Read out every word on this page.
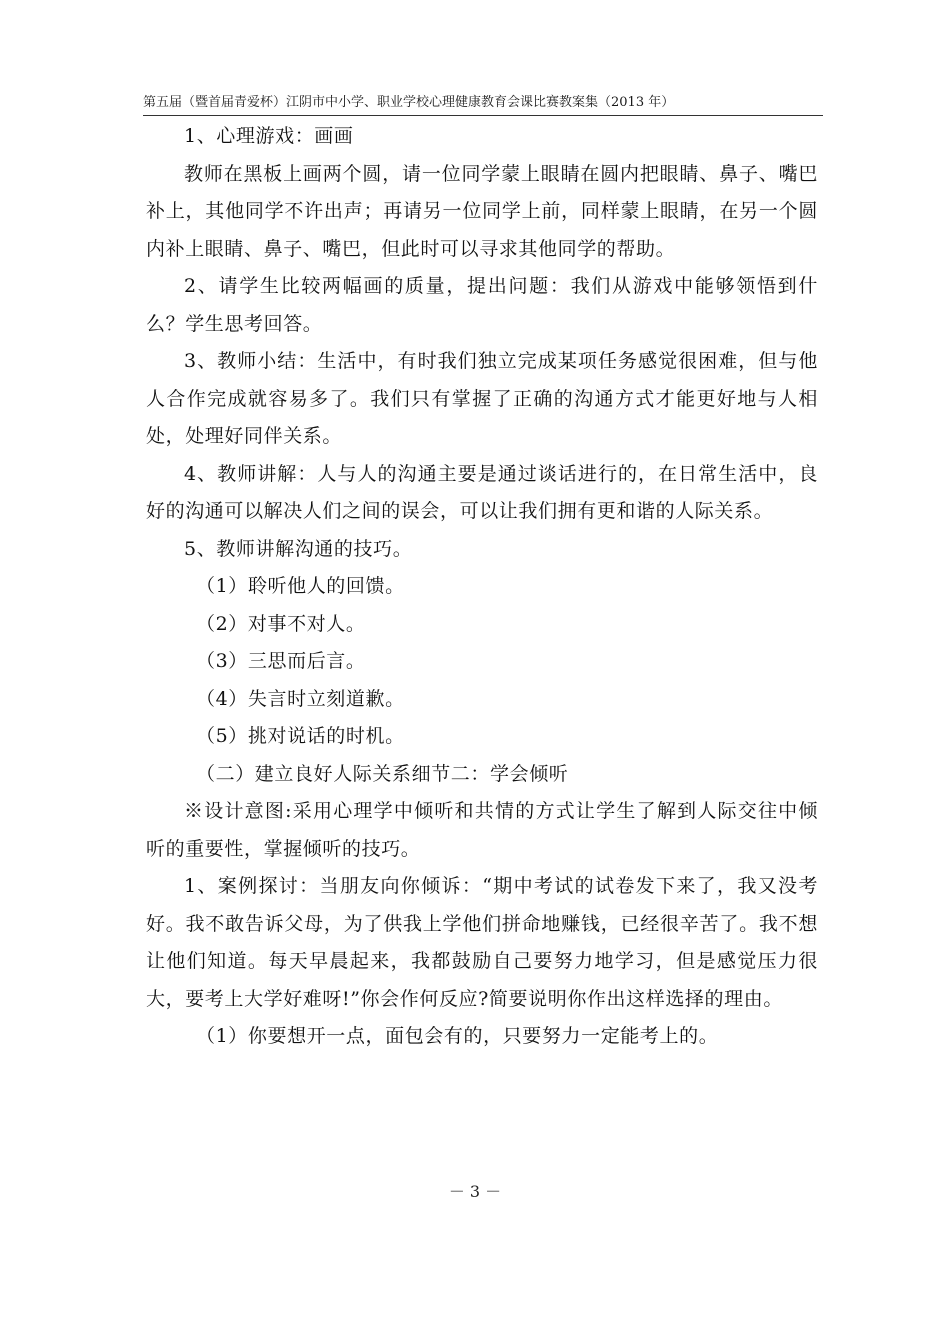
第五届（暨首届青爱杯）江阴市中小学、职业学校心理健康教育会课比赛教案集（2013 年）

1、心理游戏：画画

教师在黑板上画两个圆，请一位同学蒙上眼睛在圆内把眼睛、鼻子、嘴巴补上，其他同学不许出声；再请另一位同学上前，同样蒙上眼睛，在另一个圆内补上眼睛、鼻子、嘴巴，但此时可以寻求其他同学的帮助。

2、请学生比较两幅画的质量，提出问题：我们从游戏中能够领悟到什么？学生思考回答。

3、教师小结：生活中，有时我们独立完成某项任务感觉很困难，但与他人合作完成就容易多了。我们只有掌握了正确的沟通方式才能更好地与人相处，处理好同伴关系。

4、教师讲解：人与人的沟通主要是通过谈话进行的，在日常生活中，良好的沟通可以解决人们之间的误会，可以让我们拥有更和谐的人际关系。

5、教师讲解沟通的技巧。

（1）聆听他人的回馈。

（2）对事不对人。

（3）三思而后言。

（4）失言时立刻道歉。

（5）挑对说话的时机。

（二）建立良好人际关系细节二：学会倾听

※设计意图:采用心理学中倾听和共情的方式让学生了解到人际交往中倾听的重要性，掌握倾听的技巧。

1、案例探讨：当朋友向你倾诉：“期中考试的试卷发下来了，我又没考好。我不敢告诉父母，为了供我上学他们拼命地赚钱，已经很辛苦了。我不想让他们知道。每天早晨起来，我都鼓励自己要努力地学习，但是感觉压力很大，要考上大学好难呀!”你会作何反应?简要说明你作出这样选择的理由。

（1）你要想开一点，面包会有的，只要努力一定能考上的。

－ 3 －
